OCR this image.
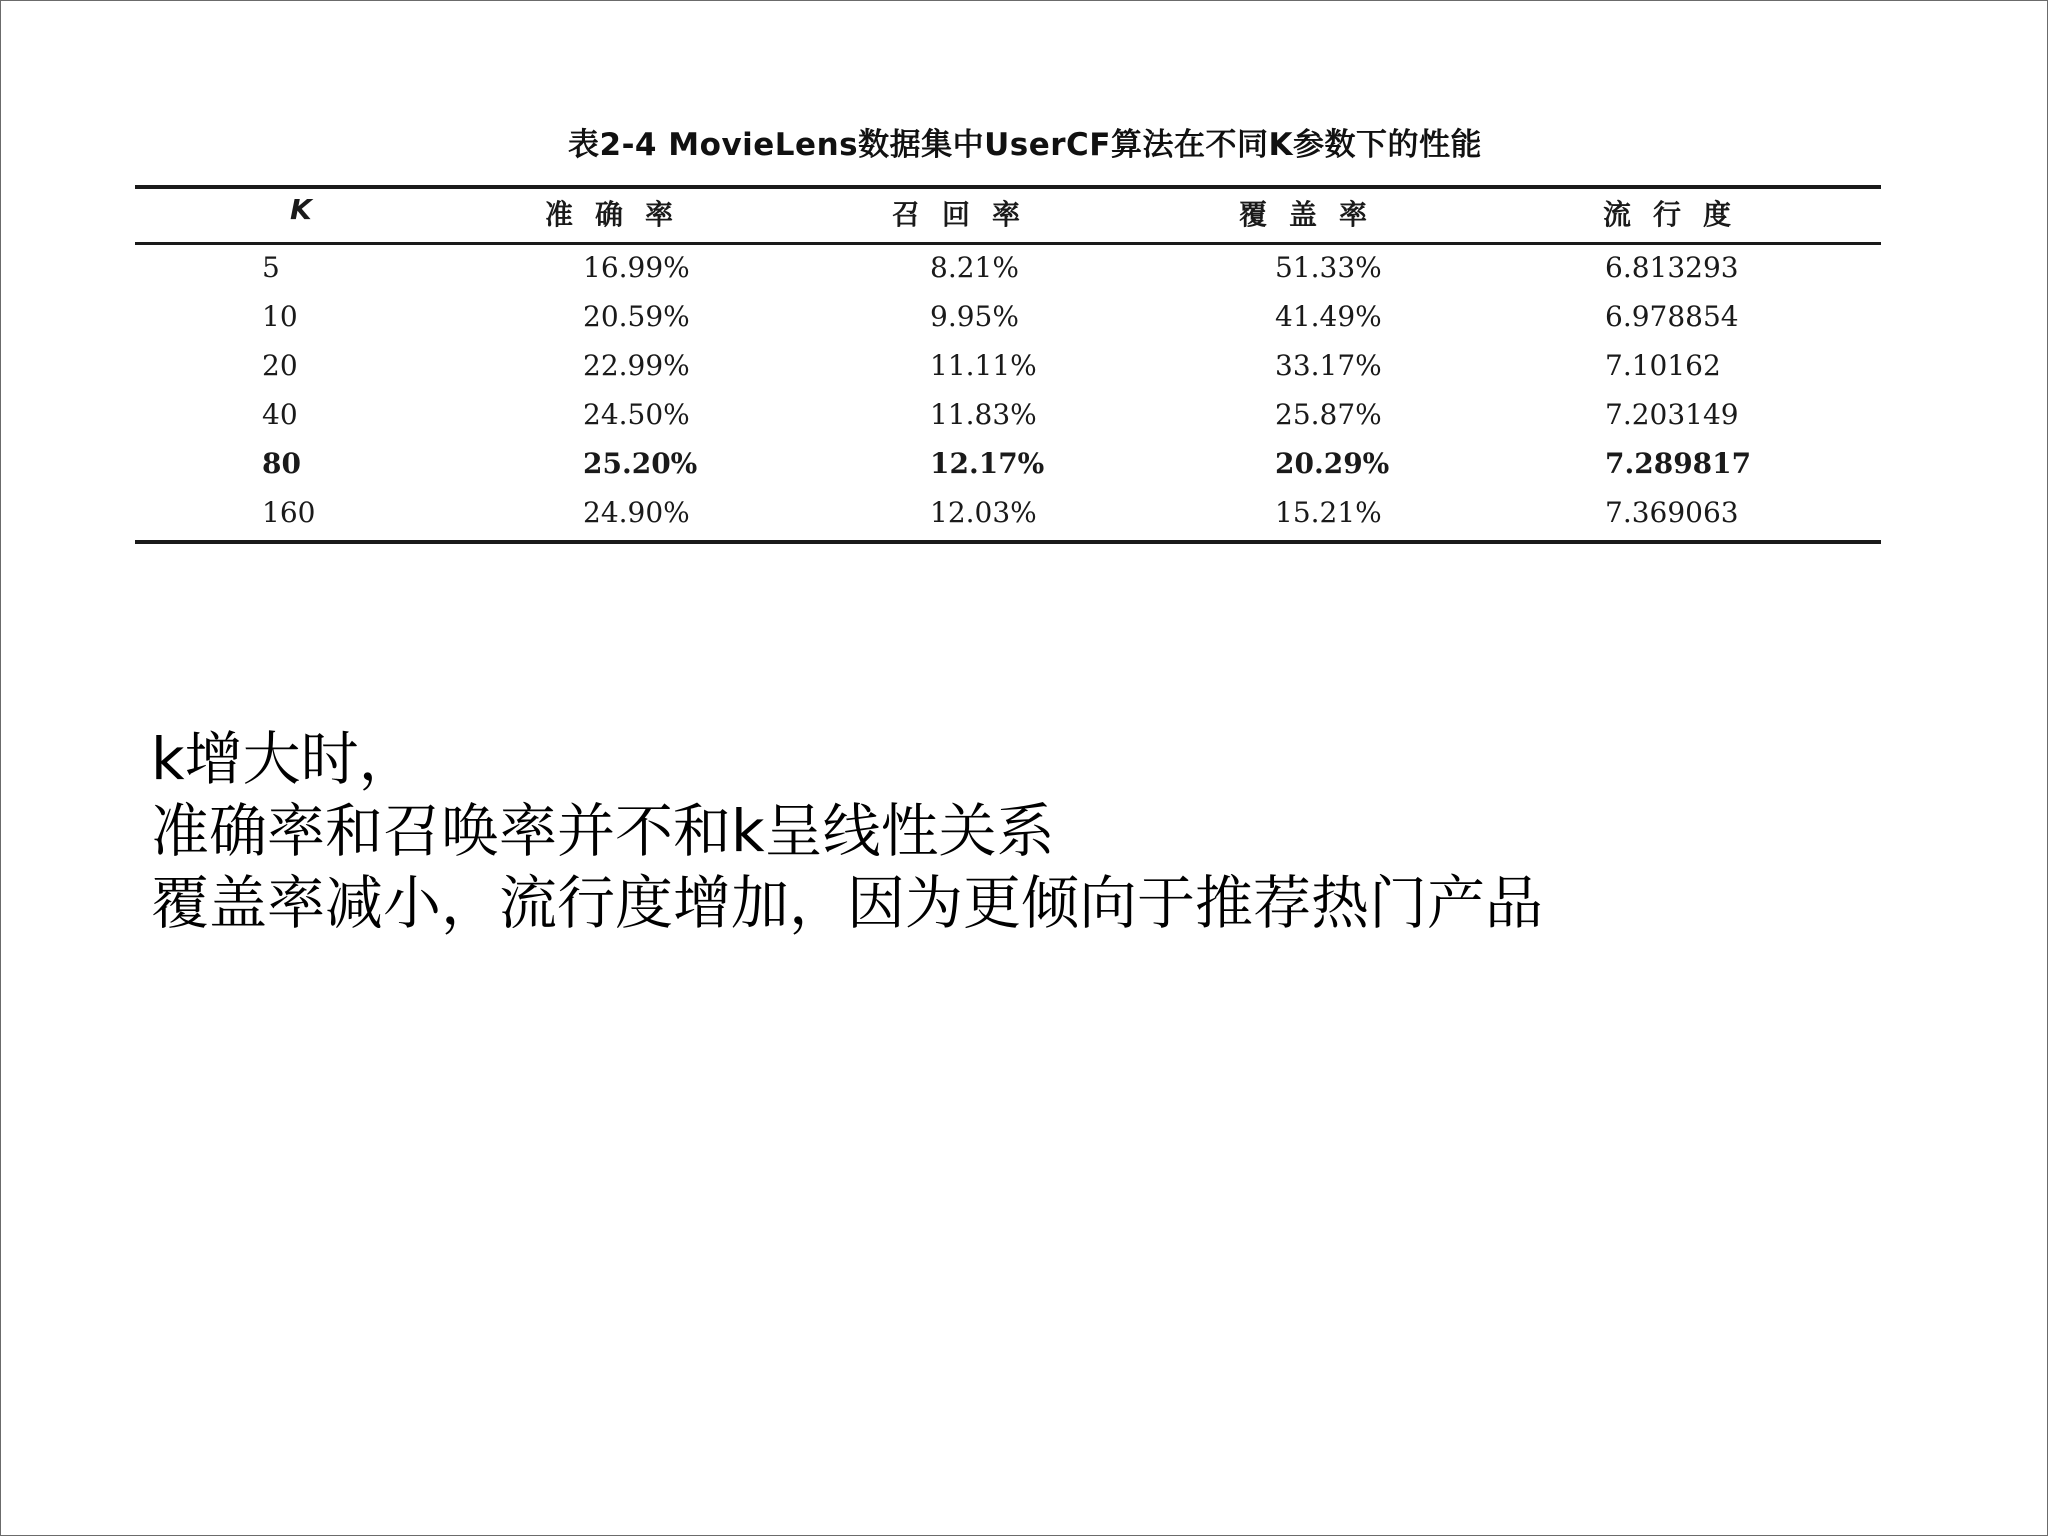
表2-4 MovieLens数据集中UserCF算法在不同K参数下的性能
K	准确率	召回率	覆盖率	流行度
5	16.99%	8.21%	51.33%	6.813293
10	20.59%	9.95%	41.49%	6.978854
20	22.99%	11.11%	33.17%	7.10162
40	24.50%	11.83%	25.87%	7.203149
80	25.20%	12.17%	20.29%	7.289817
160	24.90%	12.03%	15.21%	7.369063
k增大时，
准确率和召唤率并不和k呈线性关系
覆盖率减小，流行度增加，因为更倾向于推荐热门产品
